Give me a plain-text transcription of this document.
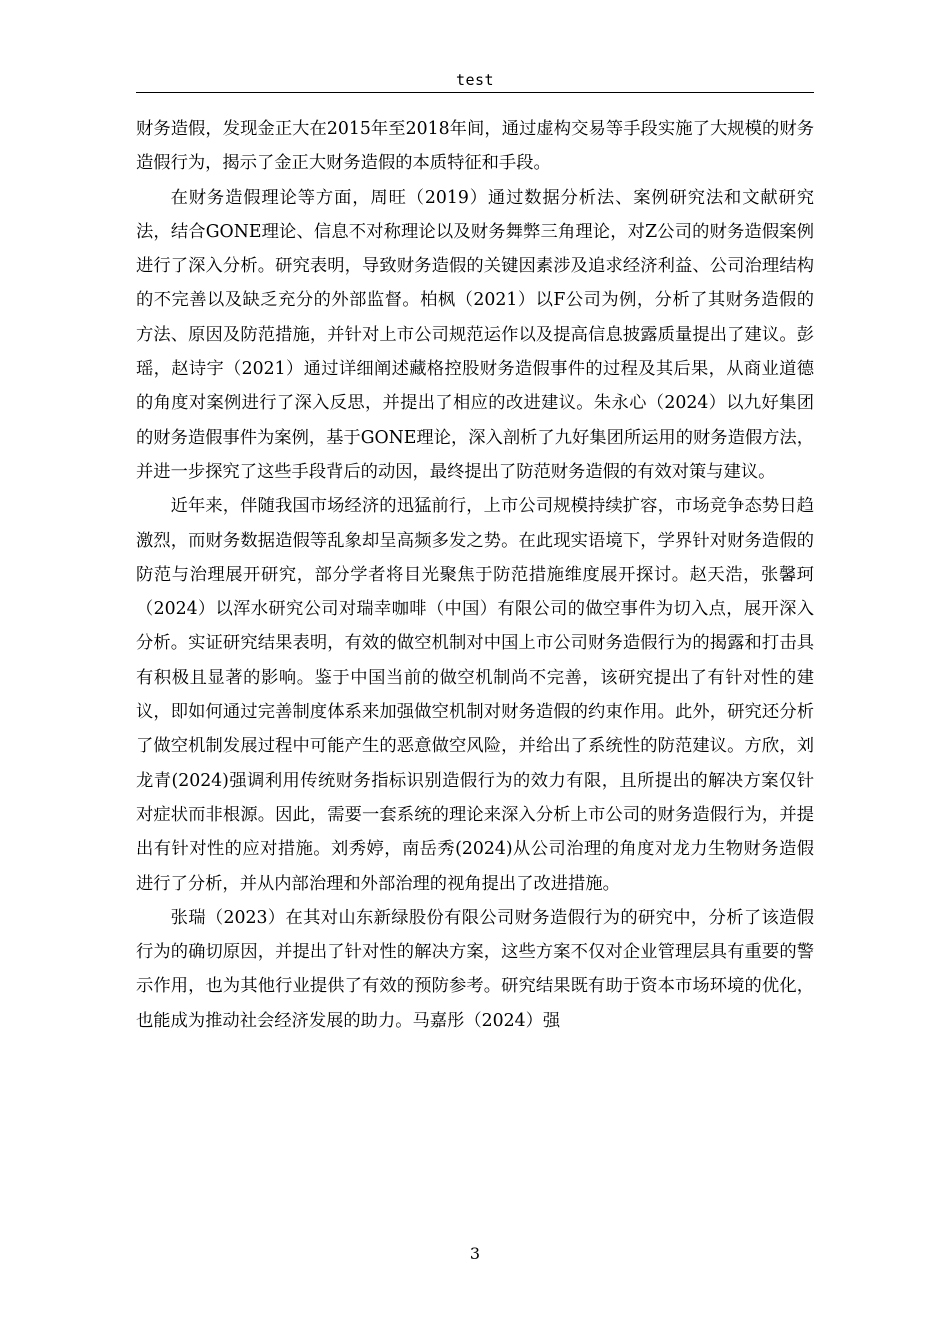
test

财务造假，发现金正大在2015年至2018年间，通过虚构交易等手段实施了大规模的财务造假行为，揭示了金正大财务造假的本质特征和手段。

在财务造假理论等方面，周旺（2019）通过数据分析法、案例研究法和文献研究法，结合GONE理论、信息不对称理论以及财务舞弊三角理论，对Z公司的财务造假案例进行了深入分析。研究表明，导致财务造假的关键因素涉及追求经济利益、公司治理结构的不完善以及缺乏充分的外部监督。柏枫（2021）以F公司为例，分析了其财务造假的方法、原因及防范措施，并针对上市公司规范运作以及提高信息披露质量提出了建议。彭瑶，赵诗宇（2021）通过详细阐述藏格控股财务造假事件的过程及其后果，从商业道德的角度对案例进行了深入反思，并提出了相应的改进建议。朱永心（2024）以九好集团的财务造假事件为案例，基于GONE理论，深入剖析了九好集团所运用的财务造假方法，并进一步探究了这些手段背后的动因，最终提出了防范财务造假的有效对策与建议。

近年来，伴随我国市场经济的迅猛前行，上市公司规模持续扩容，市场竞争态势日趋激烈，而财务数据造假等乱象却呈高频多发之势。在此现实语境下，学界针对财务造假的防范与治理展开研究，部分学者将目光聚焦于防范措施维度展开探讨。赵天浩，张馨珂（2024）以浑水研究公司对瑞幸咖啡（中国）有限公司的做空事件为切入点，展开深入分析。实证研究结果表明，有效的做空机制对中国上市公司财务造假行为的揭露和打击具有积极且显著的影响。鉴于中国当前的做空机制尚不完善，该研究提出了有针对性的建议，即如何通过完善制度体系来加强做空机制对财务造假的约束作用。此外，研究还分析了做空机制发展过程中可能产生的恶意做空风险，并给出了系统性的防范建议。方欣，刘龙青(2024)强调利用传统财务指标识别造假行为的效力有限，且所提出的解决方案仅针对症状而非根源。因此，需要一套系统的理论来深入分析上市公司的财务造假行为，并提出有针对性的应对措施。刘秀婷，南岳秀(2024)从公司治理的角度对龙力生物财务造假进行了分析，并从内部治理和外部治理的视角提出了改进措施。

张瑞（2023）在其对山东新绿股份有限公司财务造假行为的研究中，分析了该造假行为的确切原因，并提出了针对性的解决方案，这些方案不仅对企业管理层具有重要的警示作用，也为其他行业提供了有效的预防参考。研究结果既有助于资本市场环境的优化，也能成为推动社会经济发展的助力。马嘉彤（2024）强

3
